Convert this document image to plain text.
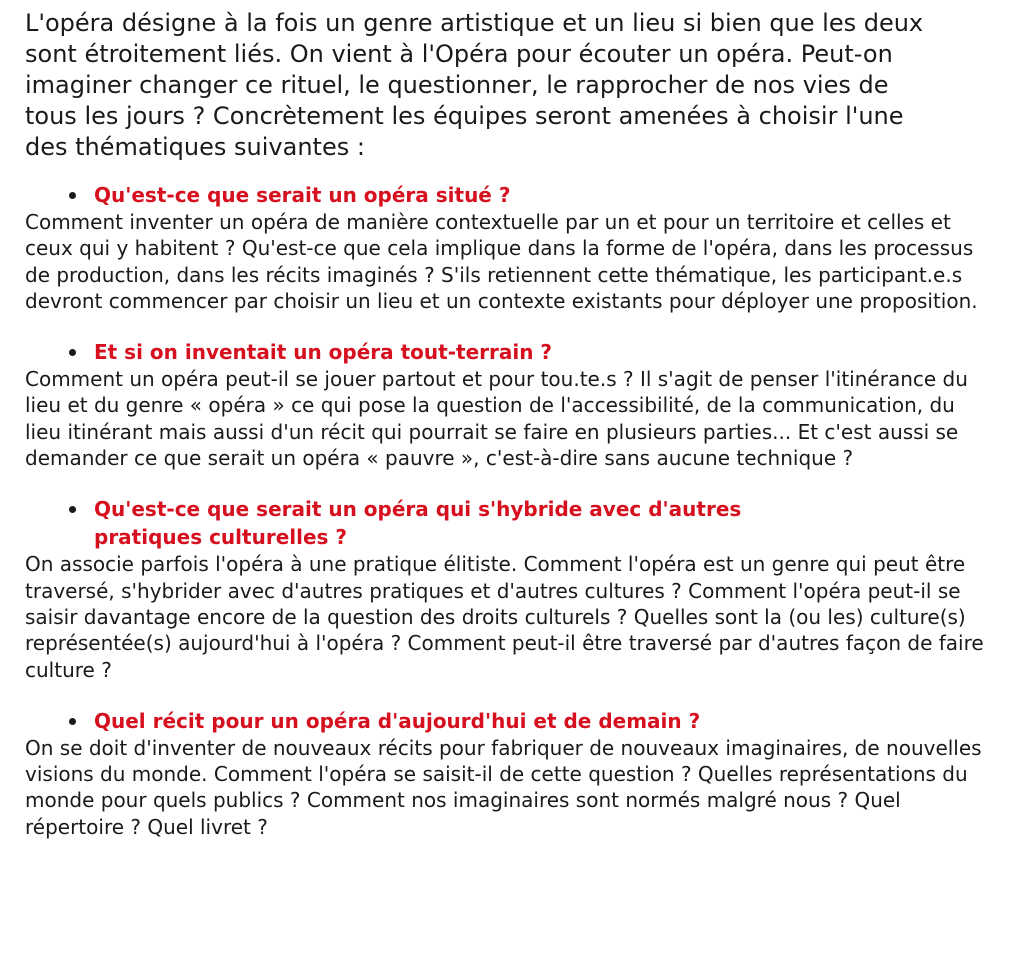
L'opéra désigne à la fois un genre artistique et un lieu si bien que les deux sont étroitement liés. On vient à l'Opéra pour écouter un opéra. Peut-on imaginer changer ce rituel, le questionner, le rapprocher de nos vies de tous les jours ? Concrètement les équipes seront amenées à choisir l'une des thématiques suivantes :

Qu'est-ce que serait un opéra situé ?

Comment inventer un opéra de manière contextuelle par un et pour un territoire et celles et ceux qui y habitent ? Qu'est-ce que cela implique dans la forme de l'opéra, dans les processus de production, dans les récits imaginés ? S'ils retiennent cette thématique, les participant.e.s devront commencer par choisir un lieu et un contexte existants pour déployer une proposition.

Et si on inventait un opéra tout-terrain ?

Comment un opéra peut-il se jouer partout et pour tou.te.s ? Il s'agit de penser l'itinérance du lieu et du genre « opéra » ce qui pose la question de l'accessibilité, de la communication, du lieu itinérant mais aussi d'un récit qui pourrait se faire en plusieurs parties... Et c'est aussi se demander ce que serait un opéra « pauvre », c'est-à-dire sans aucune technique ?

Qu'est-ce que serait un opéra qui s'hybride avec d'autres pratiques culturelles ?

On associe parfois l'opéra à une pratique élitiste. Comment l'opéra est un genre qui peut être traversé, s'hybrider avec d'autres pratiques et d'autres cultures ? Comment l'opéra peut-il se saisir davantage encore de la question des droits culturels ? Quelles sont la (ou les) culture(s) représentée(s) aujourd'hui à l'opéra ? Comment peut-il être traversé par d'autres façon de faire culture ?

Quel récit pour un opéra d'aujourd'hui et de demain ?

On se doit d'inventer de nouveaux récits pour fabriquer de nouveaux imaginaires, de nouvelles visions du monde. Comment l'opéra se saisit-il de cette question ? Quelles représentations du monde pour quels publics ? Comment nos imaginaires sont normés malgré nous ? Quel répertoire ? Quel livret ?
